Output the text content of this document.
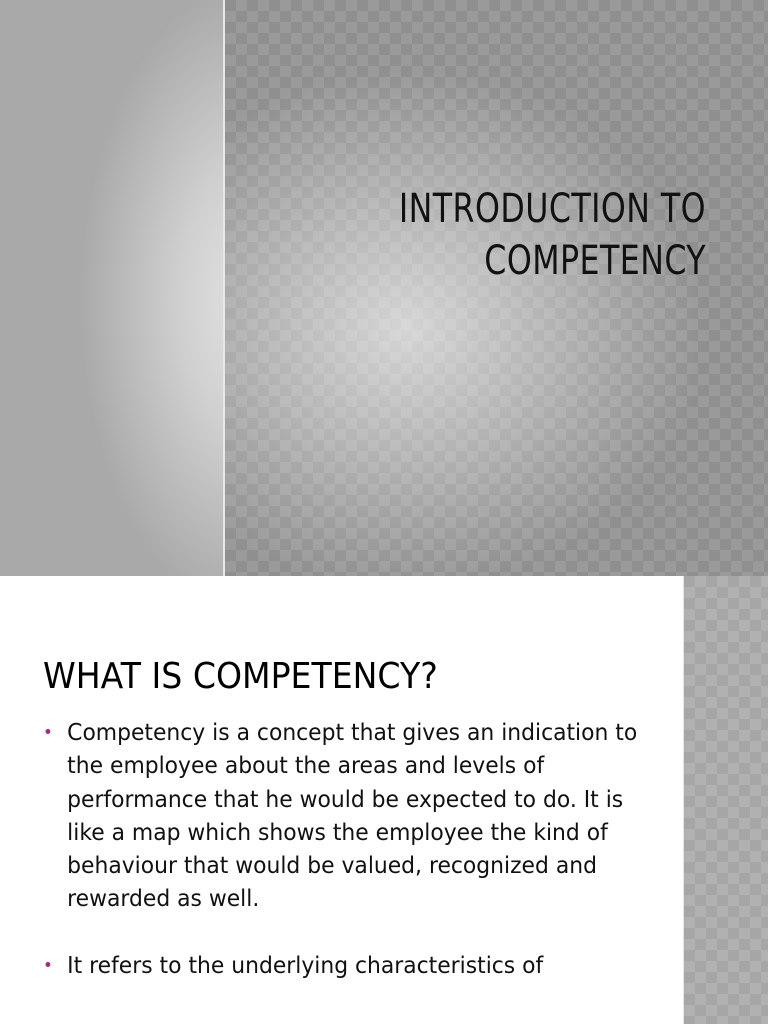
INTRODUCTION TO
COMPETENCY
WHAT IS COMPETENCY?
• Competency is a concept that gives an indication to the employee about the areas and levels of performance that he would be expected to do. It is like a map which shows the employee the kind of behaviour that would be valued, recognized and rewarded as well.
• It refers to the underlying characteristics of
